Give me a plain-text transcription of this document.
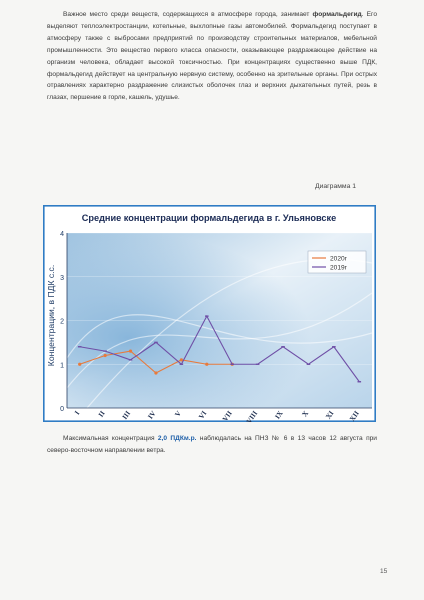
Важное место среди веществ, содержащихся в атмосфере города, занимает формальдегид. Его выделяют теплоэлектростанции, котельные, выхлопные газы автомобилей. Формальдегид поступает в атмосферу также с выбросами предприятий по производству строительных материалов, мебельной промышленности. Это вещество первого класса опасности, оказывающее раздражающее действие на организм человека, обладает высокой токсичностью. При концентрациях существенно выше ПДК, формальдегид действует на центральную нервную систему, особенно на зрительные органы. При острых отравлениях характерно раздражение слизистых оболочек глаз и верхних дыхательных путей, резь в глазах, першение в горле, кашель, удушье.

Диаграмма 1
Средние концентрации формальдегида в г. Ульяновске
Концентрации, в ПДК с.с.
0
1
2
3
4
I II III IV V VI VII VIII IX X XI XII
2020г
2019г

Максимальная концентрация 2,0 ПДКм.р. наблюдалась на ПНЗ № 6 в 13 часов 12 августа при северо-восточном направлении ветра.

15
